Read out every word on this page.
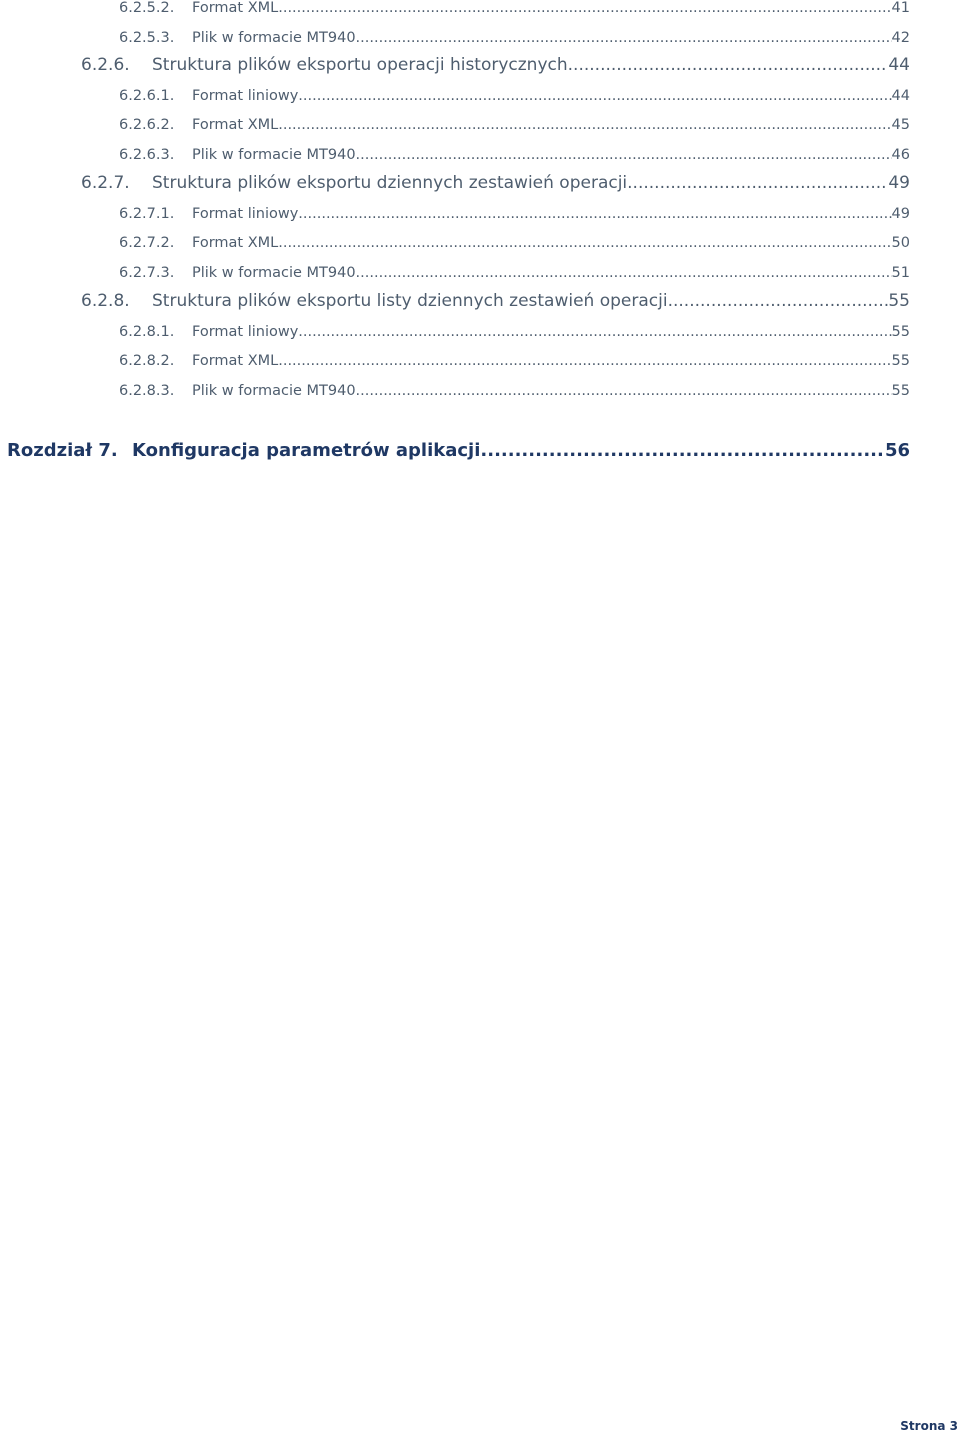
6.2.5.2.	Format XML .....	41
6.2.5.3.	Plik w formacie MT940 .....	42
6.2.6.	Struktura plików eksportu operacji historycznych .....	44
6.2.6.1.	Format liniowy .....	44
6.2.6.2.	Format XML .....	45
6.2.6.3.	Plik w formacie MT940 .....	46
6.2.7.	Struktura plików eksportu dziennych zestawień operacji .....	49
6.2.7.1.	Format liniowy .....	49
6.2.7.2.	Format XML .....	50
6.2.7.3.	Plik w formacie MT940 .....	51
6.2.8.	Struktura plików eksportu listy dziennych zestawień operacji .....	55
6.2.8.1.	Format liniowy .....	55
6.2.8.2.	Format XML .....	55
6.2.8.3.	Plik w formacie MT940 .....	55
Rozdział 7. Konfiguracja parametrów aplikacji .....	56
Strona 3
